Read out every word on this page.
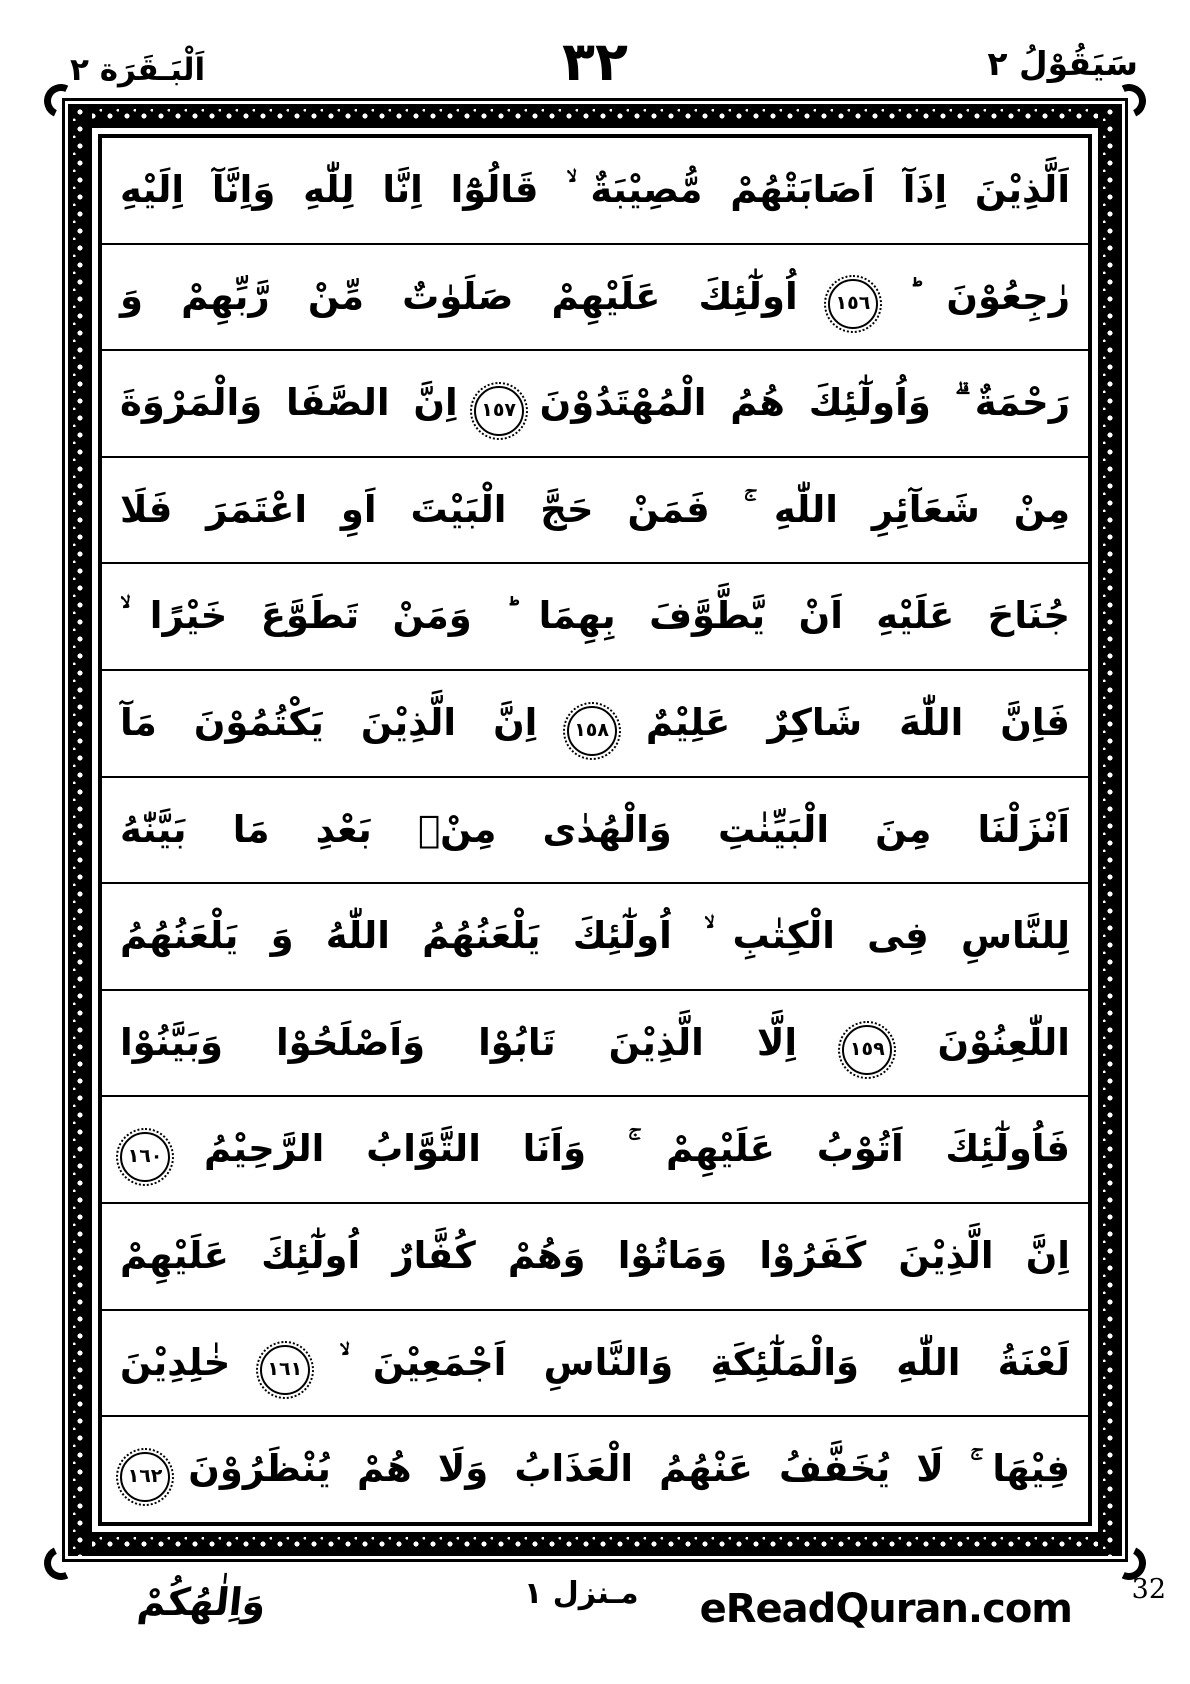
سَيَقُوْلُ ٢
٣٢
اَلْبَـقَرَة ٢
اَلَّذِيْنَ اِذَآ اَصَابَتْهُمْ مُّصِيْبَةٌ ۙ قَالُوْٓا اِنَّا لِلّٰهِ وَاِنَّآ اِلَيْهِ
رٰجِعُوْنَ ؕ ١٥٦ اُولٰٓئِكَ عَلَيْهِمْ صَلَوٰتٌ مِّنْ رَّبِّهِمْ وَ
رَحْمَةٌ ۗ وَاُولٰٓئِكَ هُمُ الْمُهْتَدُوْنَ ١٥٧ اِنَّ الصَّفَا وَالْمَرْوَةَ
مِنْ شَعَآئِرِ اللّٰهِ ۚ فَمَنْ حَجَّ الْبَيْتَ اَوِ اعْتَمَرَ فَلَا
جُنَاحَ عَلَيْهِ اَنْ يَّطَّوَّفَ بِهِمَا ؕ وَمَنْ تَطَوَّعَ خَيْرًا ۙ
فَاِنَّ اللّٰهَ شَاكِرٌ عَلِيْمٌ ١٥٨ اِنَّ الَّذِيْنَ يَكْتُمُوْنَ مَآ
اَنْزَلْنَا مِنَ الْبَيِّنٰتِ وَالْهُدٰى مِنْۢ بَعْدِ مَا بَيَّنّٰهُ
لِلنَّاسِ فِى الْكِتٰبِ ۙ اُولٰٓئِكَ يَلْعَنُهُمُ اللّٰهُ وَ يَلْعَنُهُمُ
اللّٰعِنُوْنَ ١٥٩ اِلَّا الَّذِيْنَ تَابُوْا وَاَصْلَحُوْا وَبَيَّنُوْا
فَاُولٰٓئِكَ اَتُوْبُ عَلَيْهِمْ ۚ وَاَنَا التَّوَّابُ الرَّحِيْمُ ١٦٠
اِنَّ الَّذِيْنَ كَفَرُوْا وَمَاتُوْا وَهُمْ كُفَّارٌ اُولٰٓئِكَ عَلَيْهِمْ
لَعْنَةُ اللّٰهِ وَالْمَلٰٓئِكَةِ وَالنَّاسِ اَجْمَعِيْنَ ۙ ١٦١ خٰلِدِيْنَ
فِيْهَا ۚ لَا يُخَفَّفُ عَنْهُمُ الْعَذَابُ وَلَا هُمْ يُنْظَرُوْنَ ١٦٢
وَاِلٰهُكُمْ	مـنزل ١ eReadQuran.com 32
